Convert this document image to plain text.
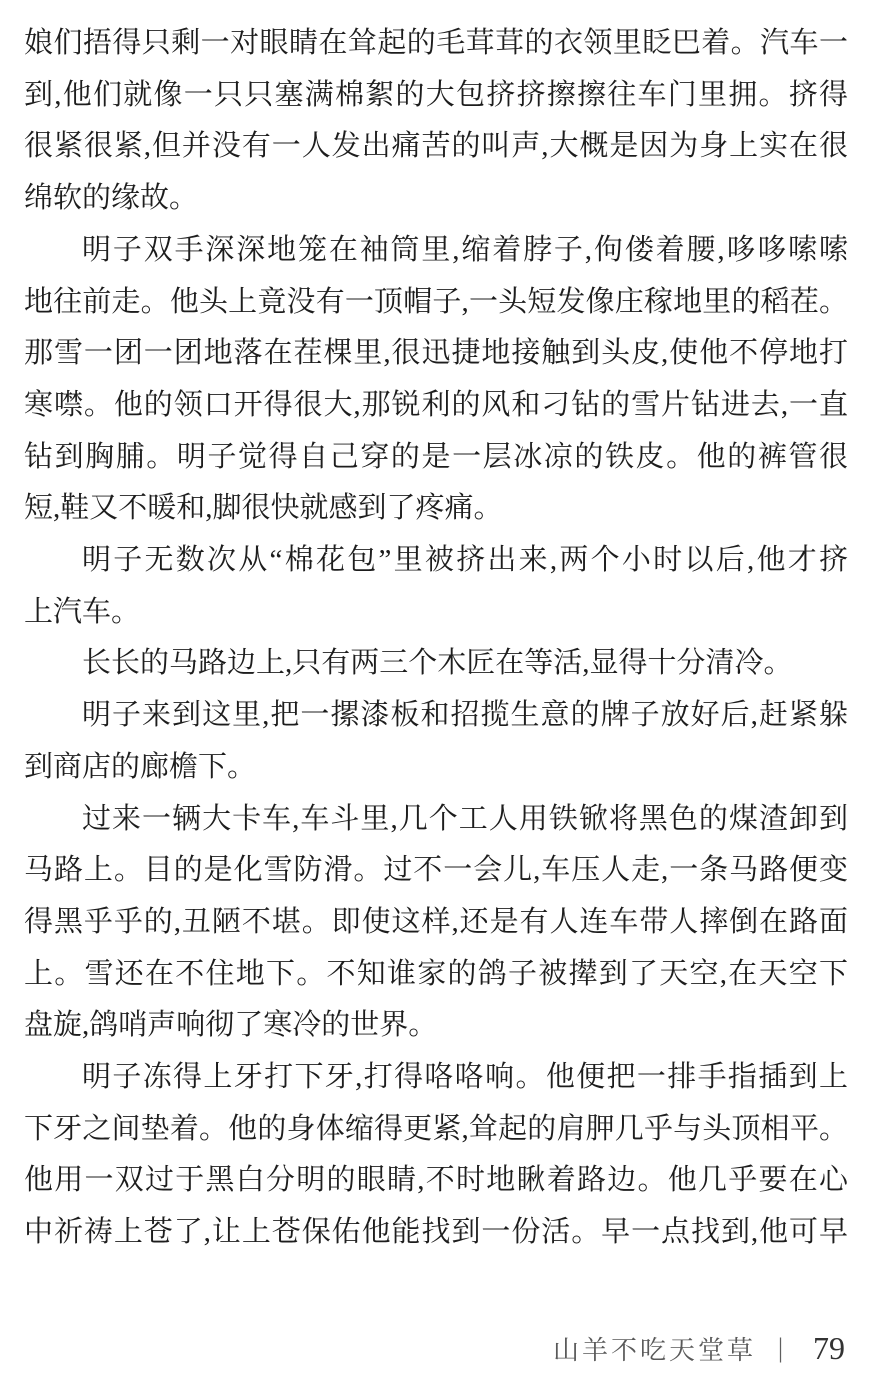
娘们捂得只剩一对眼睛在耸起的毛茸茸的衣领里眨巴着。汽车一
到,他们就像一只只塞满棉絮的大包挤挤擦擦往车门里拥。挤得
很紧很紧,但并没有一人发出痛苦的叫声,大概是因为身上实在很
绵软的缘故。
明子双手深深地笼在袖筒里,缩着脖子,佝偻着腰,哆哆嗦嗦
地往前走。他头上竟没有一顶帽子,一头短发像庄稼地里的稻茬。
那雪一团一团地落在茬棵里,很迅捷地接触到头皮,使他不停地打
寒噤。他的领口开得很大,那锐利的风和刁钻的雪片钻进去,一直
钻到胸脯。明子觉得自己穿的是一层冰凉的铁皮。他的裤管很
短,鞋又不暖和,脚很快就感到了疼痛。
明子无数次从“棉花包”里被挤出来,两个小时以后,他才挤
上汽车。
长长的马路边上,只有两三个木匠在等活,显得十分清冷。
明子来到这里,把一摞漆板和招揽生意的牌子放好后,赶紧躲
到商店的廊檐下。
过来一辆大卡车,车斗里,几个工人用铁锨将黑色的煤渣卸到
马路上。目的是化雪防滑。过不一会儿,车压人走,一条马路便变
得黑乎乎的,丑陋不堪。即使这样,还是有人连车带人摔倒在路面
上。雪还在不住地下。不知谁家的鸽子被撵到了天空,在天空下
盘旋,鸽哨声响彻了寒冷的世界。
明子冻得上牙打下牙,打得咯咯响。他便把一排手指插到上
下牙之间垫着。他的身体缩得更紧,耸起的肩胛几乎与头顶相平。
他用一双过于黑白分明的眼睛,不时地瞅着路边。他几乎要在心
中祈祷上苍了,让上苍保佑他能找到一份活。早一点找到,他可早
山羊不吃天堂草 | 79
